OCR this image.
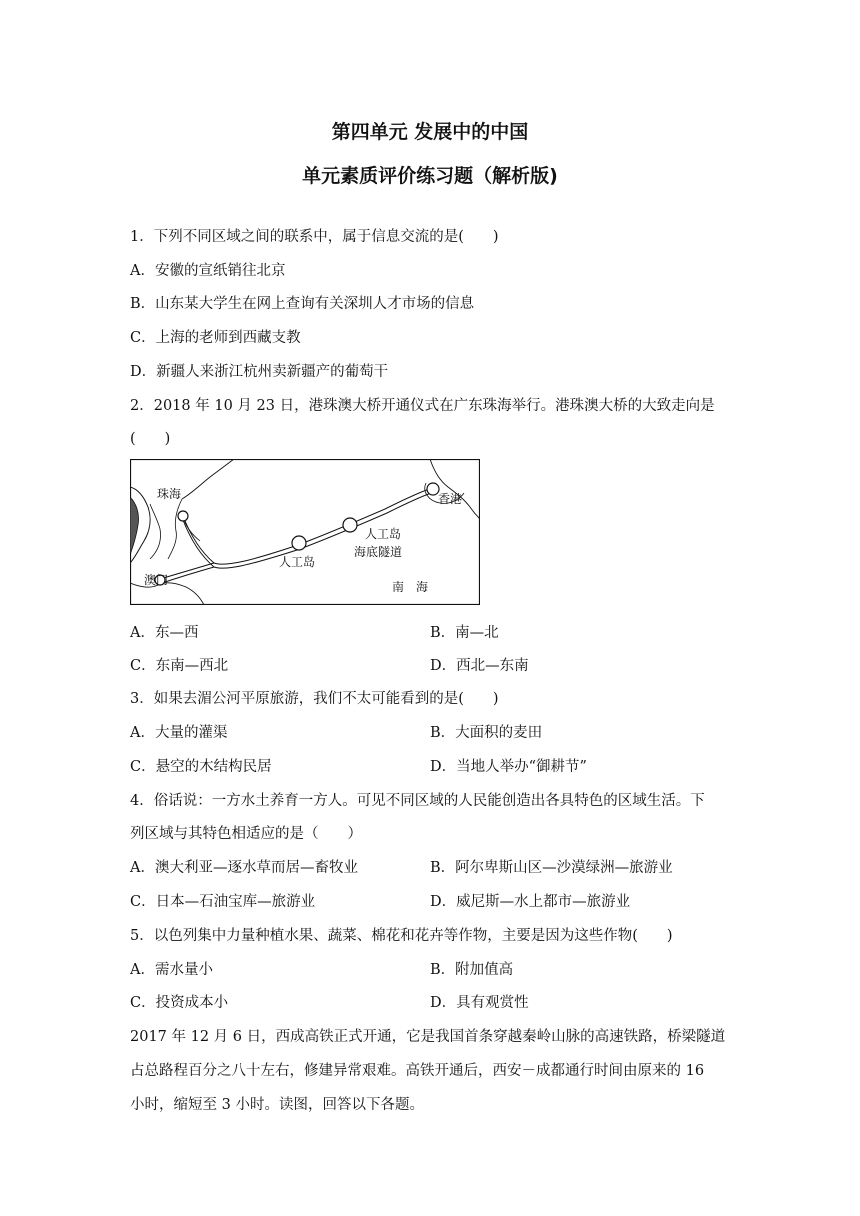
第四单元 发展中的中国
单元素质评价练习题（解析版)
1．下列不同区域之间的联系中，属于信息交流的是(　　)
A．安徽的宣纸销往北京
B．山东某大学生在网上查询有关深圳人才市场的信息
C．上海的老师到西藏支教
D．新疆人来浙江杭州卖新疆产的葡萄干
2．2018 年 10 月 23 日，港珠澳大桥开通仪式在广东珠海举行。港珠澳大桥的大致走向是
(　　)
珠海	香港
澳门
人工岛
人工岛
海底隧道
南　海
A．东—西	B．南—北
C．东南—西北	D．西北—东南
3．如果去湄公河平原旅游，我们不太可能看到的是(　　)
A．大量的灌渠	B．大面积的麦田
C．悬空的木结构民居	D．当地人举办“御耕节”
4．俗话说：一方水土养育一方人。可见不同区域的人民能创造出各具特色的区域生活。下
列区域与其特色相适应的是（　　）
A．澳大利亚—逐水草而居—畜牧业	B．阿尔卑斯山区—沙漠绿洲—旅游业
C．日本—石油宝库—旅游业	D．威尼斯—水上都市—旅游业
5．以色列集中力量种植水果、蔬菜、棉花和花卉等作物，主要是因为这些作物(　　)
A．需水量小	B．附加值高
C．投资成本小	D．具有观赏性
2017 年 12 月 6 日，西成高铁正式开通，它是我国首条穿越秦岭山脉的高速铁路，桥梁隧道
占总路程百分之八十左右，修建异常艰难。高铁开通后，西安－成都通行时间由原来的 16
小时，缩短至 3 小时。读图，回答以下各题。
